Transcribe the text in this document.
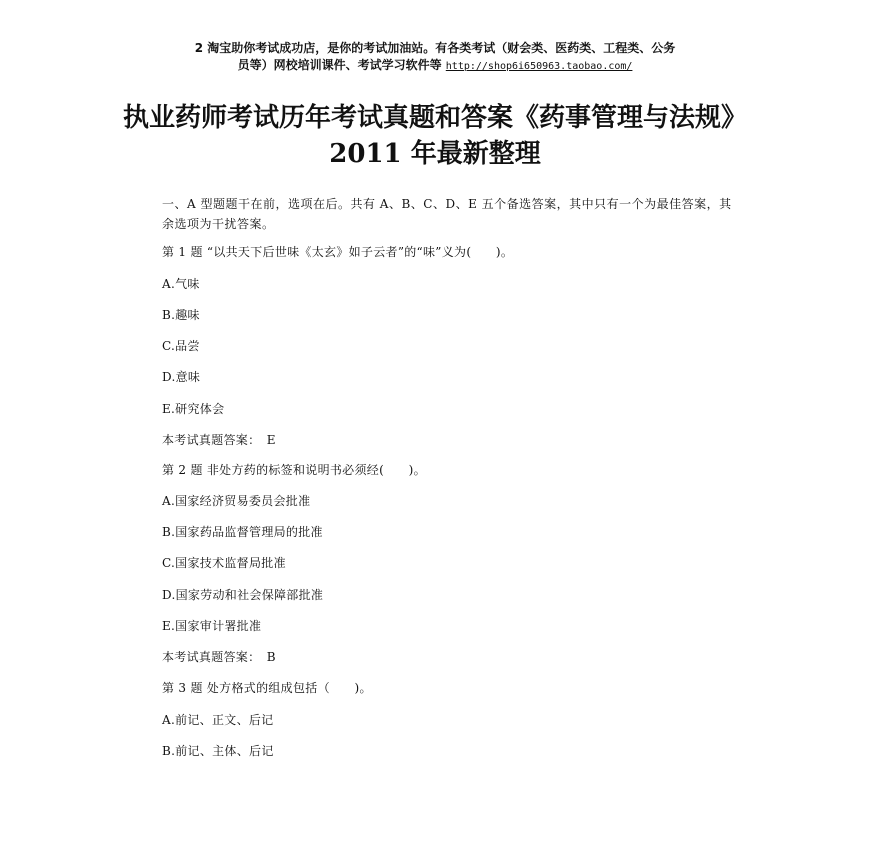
2 淘宝助你考试成功店，是你的考试加油站。有各类考试（财会类、医药类、工程类、公务
员等）网校培训课件、考试学习软件等 http://shop6i650963.taobao.com/
执业药师考试历年考试真题和答案《药事管理与法规》2011 年最新整理
一、A 型题题干在前，选项在后。共有 A、B、C、D、E 五个备选答案，其中只有一个为最佳答案，其余选项为干扰答案。
第 1 题 “以共天下后世味《太玄》如子云者”的“味”义为(　　)。
A.气味
B.趣味
C.品尝
D.意味
E.研究体会
本考试真题答案：　E
第 2 题 非处方药的标签和说明书必须经(　　)。
A.国家经济贸易委员会批准
B.国家药品监督管理局的批准
C.国家技术监督局批准
D.国家劳动和社会保障部批准
E.国家审计署批准
本考试真题答案：　B
第 3 题 处方格式的组成包括（　　)。
A.前记、正文、后记
B.前记、主体、后记
